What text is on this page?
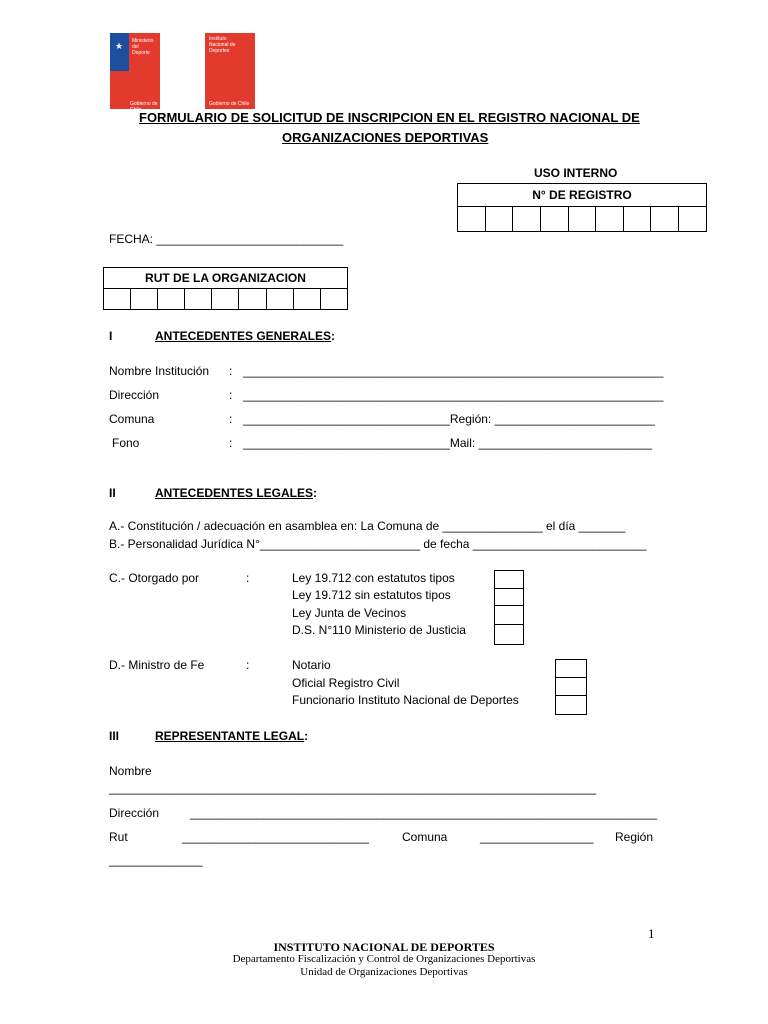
★ Ministerio del
Deporte
Gobierno de Chile
Instituto
Nacional de
Deportes
Gobierno de Chile
FORMULARIO DE SOLICITUD DE INSCRIPCION EN EL REGISTRO NACIONAL DE
ORGANIZACIONES DEPORTIVAS
USO INTERNO
N° DE REGISTRO

FECHA: ____________________________
RUT DE LA ORGANIZACION

I	ANTECEDENTES GENERALES:
Nombre Institución : _______________________________________________________________
Dirección	: _______________________________________________________________
Comuna	: _______________________________Región: ________________________
Fono	: _______________________________Mail: __________________________
II	ANTECEDENTES LEGALES:
A.- Constitución / adecuación en asamblea en: La Comuna de _______________ el día _______
B.- Personalidad Jurídica N°________________________ de fecha __________________________
C.- Otorgado por	:	Ley 19.712 con estatutos tipos
Ley 19.712 sin estatutos tipos
Ley Junta de Vecinos
D.S. N°110 Ministerio de Justicia
D.- Ministro de Fe	:	Notario
Oficial Registro Civil
Funcionario Instituto Nacional de Deportes
III	REPRESENTANTE LEGAL:
Nombre
_________________________________________________________________________
Dirección	______________________________________________________________________
Rut	____________________________	Comuna	_________________ Región
______________
1
INSTITUTO NACIONAL DE DEPORTES
Departamento Fiscalización y Control de Organizaciones Deportivas
Unidad de Organizaciones Deportivas
